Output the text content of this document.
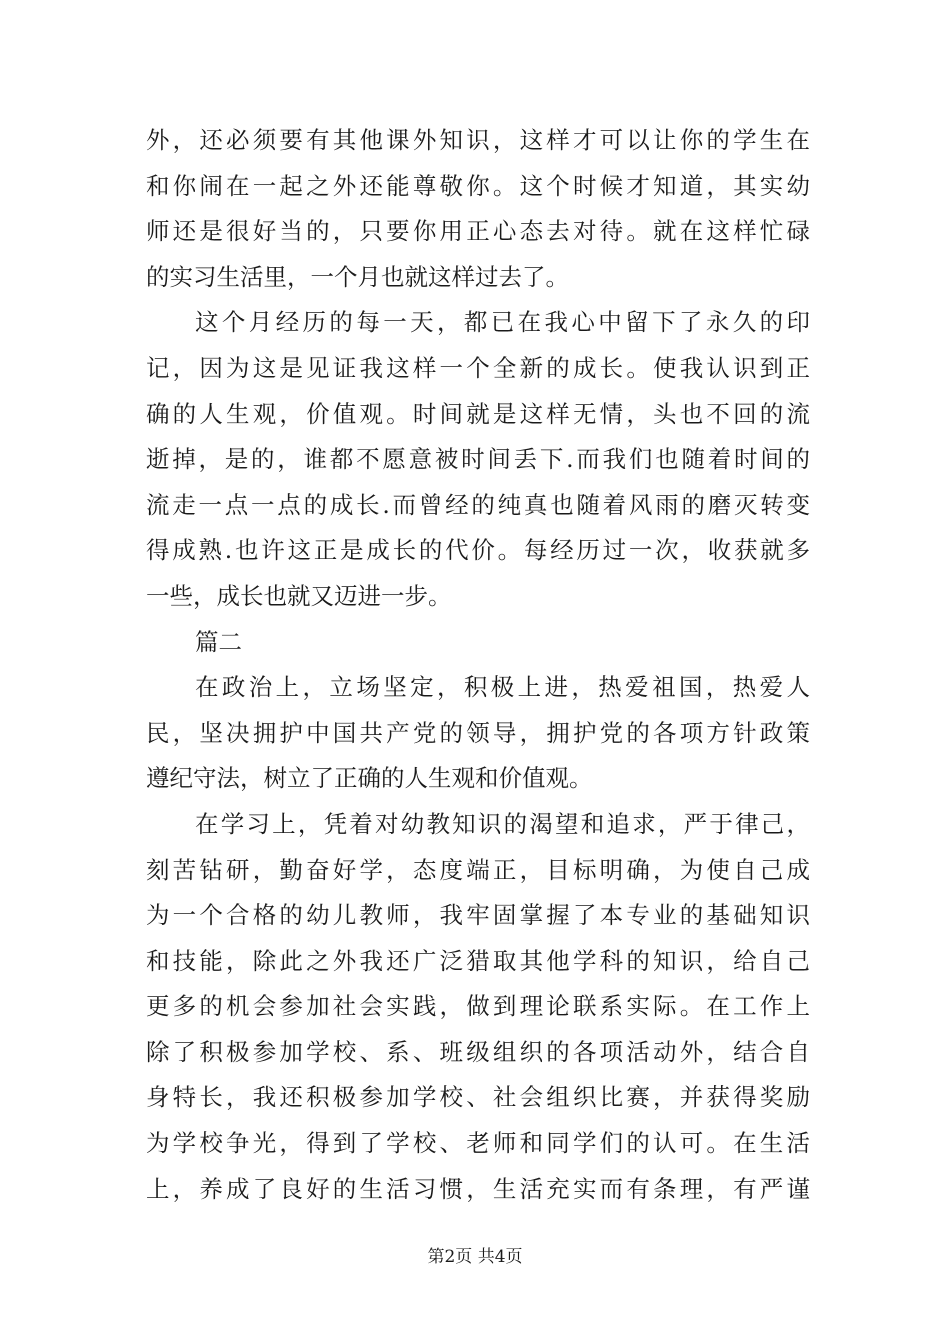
外，还必须要有其他课外知识，这样才可以让你的学生在
和你闹在一起之外还能尊敬你。这个时候才知道，其实幼
师还是很好当的，只要你用正心态去对待。就在这样忙碌
的实习生活里，一个月也就这样过去了。
这个月经历的每一天，都已在我心中留下了永久的印
记，因为这是见证我这样一个全新的成长。使我认识到正
确的人生观，价值观。时间就是这样无情，头也不回的流
逝掉，是的，谁都不愿意被时间丢下.而我们也随着时间的
流走一点一点的成长.而曾经的纯真也随着风雨的磨灭转变
得成熟.也许这正是成长的代价。每经历过一次，收获就多
一些，成长也就又迈进一步。
篇二
在政治上，立场坚定，积极上进，热爱祖国，热爱人
民，坚决拥护中国共产党的领导，拥护党的各项方针政策
遵纪守法，树立了正确的人生观和价值观。
在学习上，凭着对幼教知识的渴望和追求，严于律己，
刻苦钻研，勤奋好学，态度端正，目标明确，为使自己成
为一个合格的幼儿教师，我牢固掌握了本专业的基础知识
和技能，除此之外我还广泛猎取其他学科的知识，给自己
更多的机会参加社会实践，做到理论联系实际。在工作上
除了积极参加学校、系、班级组织的各项活动外，结合自
身特长，我还积极参加学校、社会组织比赛，并获得奖励
为学校争光，得到了学校、老师和同学们的认可。在生活
上，养成了良好的生活习惯，生活充实而有条理，有严谨
第2页 共4页
